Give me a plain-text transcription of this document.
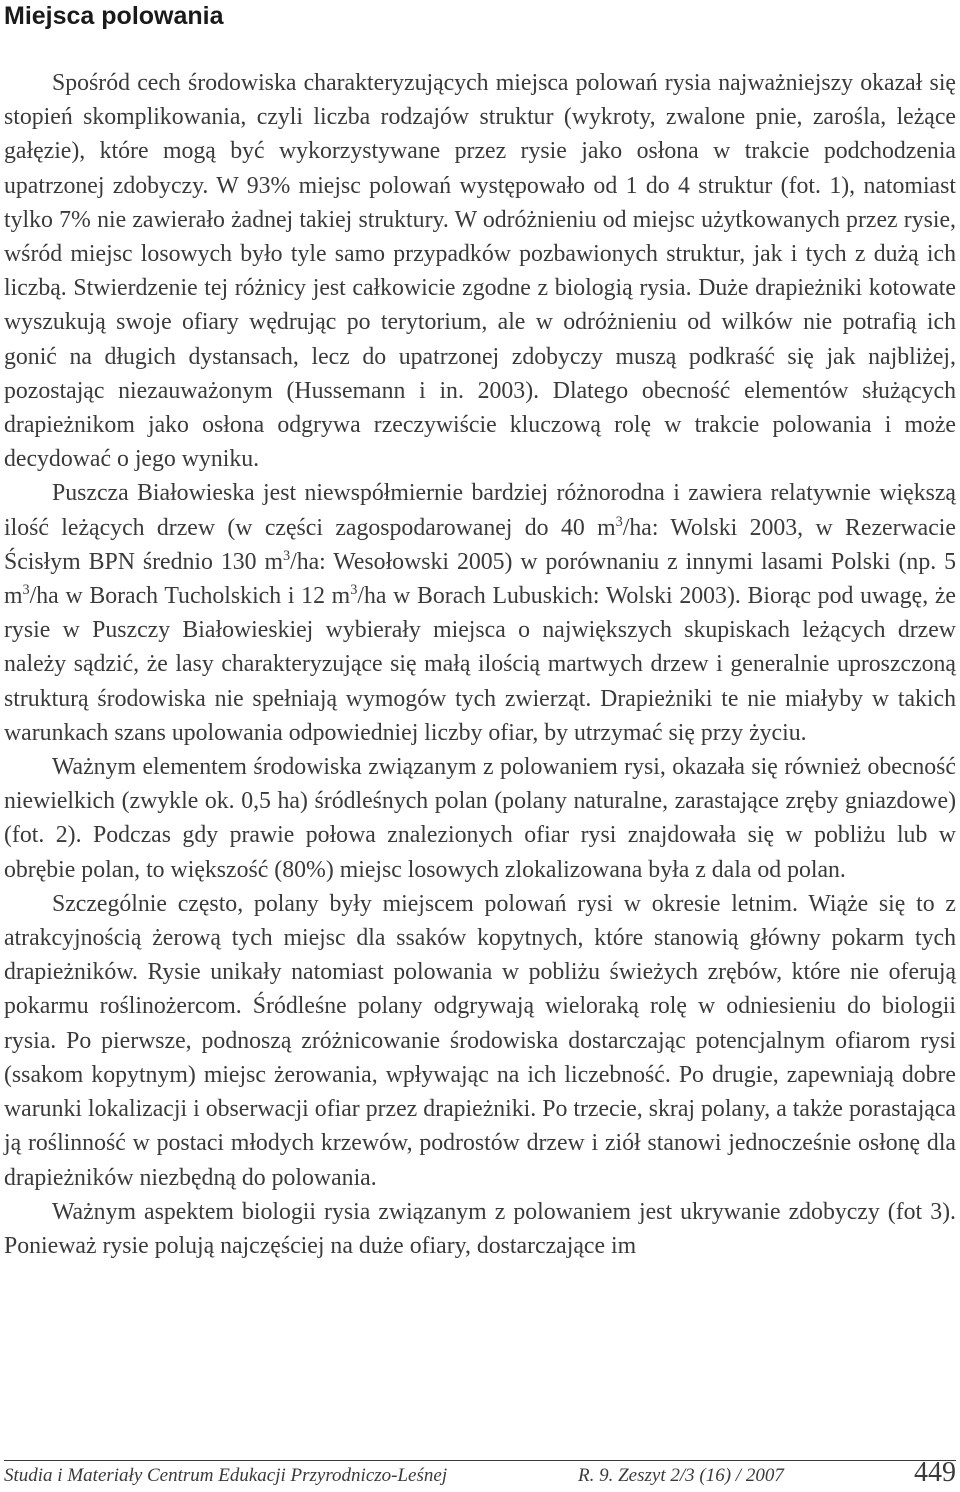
Miejsca polowania

Spośród cech środowiska charakteryzujących miejsca polowań rysia najważniejszy okazał się stopień skomplikowania, czyli liczba rodzajów struktur (wykroty, zwalone pnie, zarośla, leżące gałęzie), które mogą być wykorzystywane przez rysie jako osłona w trakcie podchodzenia upatrzonej zdobyczy. W 93% miejsc polowań występowało od 1 do 4 struktur (fot. 1), natomiast tylko 7% nie zawierało żadnej takiej struktury. W odróżnieniu od miejsc użytkowanych przez rysie, wśród miejsc losowych było tyle samo przypadków pozbawionych struktur, jak i tych z dużą ich liczbą. Stwierdzenie tej różnicy jest całkowicie zgodne z biologią rysia. Duże drapieżniki kotowate wyszukują swoje ofiary wędrując po terytorium, ale w odróżnieniu od wilków nie potrafią ich gonić na długich dystansach, lecz do upatrzonej zdobyczy muszą podkraść się jak najbliżej, pozostając niezauważonym (Hussemann i in. 2003). Dlatego obecność elementów służących drapieżnikom jako osłona odgrywa rzeczywiście kluczową rolę w trakcie polowania i może decydować o jego wyniku.

Puszcza Białowieska jest niewspółmiernie bardziej różnorodna i zawiera relatywnie większą ilość leżących drzew (w części zagospodarowanej do 40 $m^3/ha$: Wolski 2003, w Rezerwacie Ścisłym BPN średnio 130 $m^3/ha$: Wesołowski 2005) w porównaniu z innymi lasami Polski (np. 5 $m^3/ha$ w Borach Tucholskich i 12 $m^3/ha$ w Borach Lubuskich: Wolski 2003). Biorąc pod uwagę, że rysie w Puszczy Białowieskiej wybierały miejsca o największych skupiskach leżących drzew należy sądzić, że lasy charakteryzujące się małą ilością martwych drzew i generalnie uproszczoną strukturą środowiska nie spełniają wymogów tych zwierząt. Drapieżniki te nie miałyby w takich warunkach szans upolowania odpowiedniej liczby ofiar, by utrzymać się przy życiu.

Ważnym elementem środowiska związanym z polowaniem rysi, okazała się również obecność niewielkich (zwykle ok. 0,5 ha) śródleśnych polan (polany naturalne, zarastające zręby gniazdowe) (fot. 2). Podczas gdy prawie połowa znalezionych ofiar rysi znajdowała się w pobliżu lub w obrębie polan, to większość (80%) miejsc losowych zlokalizowana była z dala od polan.

Szczególnie często, polany były miejscem polowań rysi w okresie letnim. Wiąże się to z atrakcyjnością żerową tych miejsc dla ssaków kopytnych, które stanowią główny pokarm tych drapieżników. Rysie unikały natomiast polowania w pobliżu świeżych zrębów, które nie oferują pokarmu roślinożercom. Śródleśne polany odgrywają wieloraką rolę w odniesieniu do biologii rysia. Po pierwsze, podnoszą zróżnicowanie środowiska dostarczając potencjalnym ofiarom rysi (ssakom kopytnym) miejsc żerowania, wpływając na ich liczebność. Po drugie, zapewniają dobre warunki lokalizacji i obserwacji ofiar przez drapieżniki. Po trzecie, skraj polany, a także porastająca ją roślinność w postaci młodych krzewów, podrostów drzew i ziół stanowi jednocześnie osłonę dla drapieżników niezbędną do polowania.

Ważnym aspektem biologii rysia związanym z polowaniem jest ukrywanie zdobyczy (fot 3). Ponieważ rysie polują najczęściej na duże ofiary, dostarczające im

Studia i Materiały Centrum Edukacji Przyrodniczo-Leśnej	R. 9. Zeszyt 2/3 (16) / 2007	449
